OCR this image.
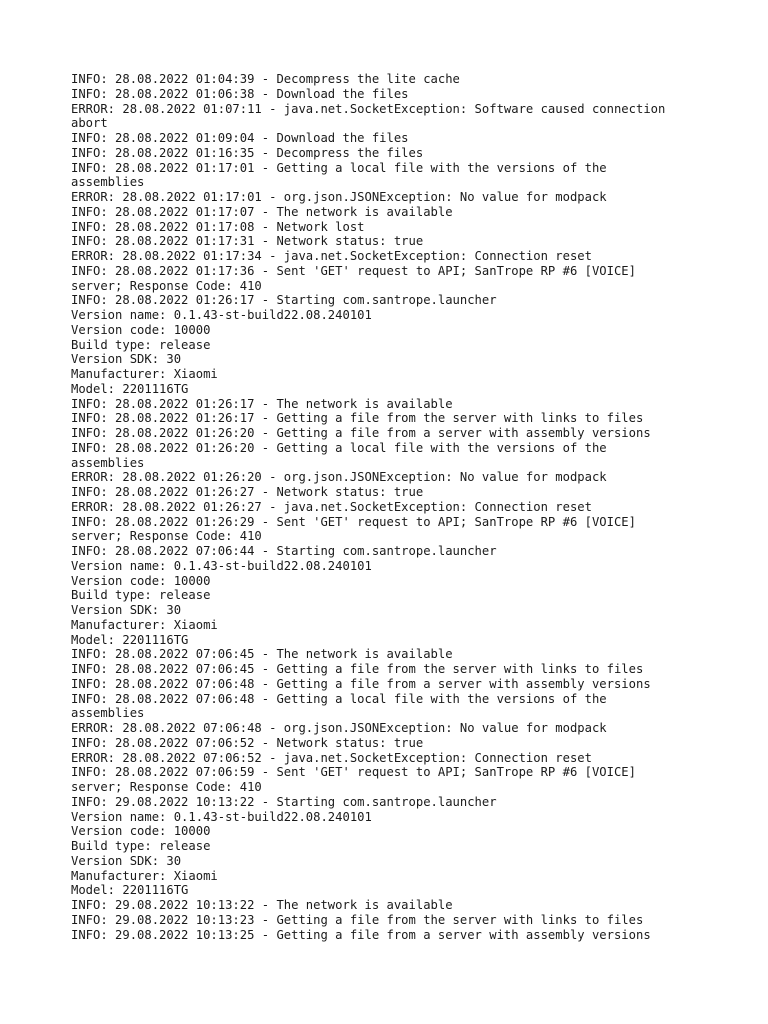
INFO: 28.08.2022 01:04:39 - Decompress the lite cache
INFO: 28.08.2022 01:06:38 - Download the files
ERROR: 28.08.2022 01:07:11 - java.net.SocketException: Software caused connection
abort
INFO: 28.08.2022 01:09:04 - Download the files
INFO: 28.08.2022 01:16:35 - Decompress the files
INFO: 28.08.2022 01:17:01 - Getting a local file with the versions of the
assemblies
ERROR: 28.08.2022 01:17:01 - org.json.JSONException: No value for modpack
INFO: 28.08.2022 01:17:07 - The network is available
INFO: 28.08.2022 01:17:08 - Network lost
INFO: 28.08.2022 01:17:31 - Network status: true
ERROR: 28.08.2022 01:17:34 - java.net.SocketException: Connection reset
INFO: 28.08.2022 01:17:36 - Sent 'GET' request to API; SanTrope RP #6 [VOICE]
server; Response Code: 410
INFO: 28.08.2022 01:26:17 - Starting com.santrope.launcher
Version name: 0.1.43-st-build22.08.240101
Version code: 10000
Build type: release
Version SDK: 30
Manufacturer: Xiaomi
Model: 2201116TG
INFO: 28.08.2022 01:26:17 - The network is available
INFO: 28.08.2022 01:26:17 - Getting a file from the server with links to files
INFO: 28.08.2022 01:26:20 - Getting a file from a server with assembly versions
INFO: 28.08.2022 01:26:20 - Getting a local file with the versions of the
assemblies
ERROR: 28.08.2022 01:26:20 - org.json.JSONException: No value for modpack
INFO: 28.08.2022 01:26:27 - Network status: true
ERROR: 28.08.2022 01:26:27 - java.net.SocketException: Connection reset
INFO: 28.08.2022 01:26:29 - Sent 'GET' request to API; SanTrope RP #6 [VOICE]
server; Response Code: 410
INFO: 28.08.2022 07:06:44 - Starting com.santrope.launcher
Version name: 0.1.43-st-build22.08.240101
Version code: 10000
Build type: release
Version SDK: 30
Manufacturer: Xiaomi
Model: 2201116TG
INFO: 28.08.2022 07:06:45 - The network is available
INFO: 28.08.2022 07:06:45 - Getting a file from the server with links to files
INFO: 28.08.2022 07:06:48 - Getting a file from a server with assembly versions
INFO: 28.08.2022 07:06:48 - Getting a local file with the versions of the
assemblies
ERROR: 28.08.2022 07:06:48 - org.json.JSONException: No value for modpack
INFO: 28.08.2022 07:06:52 - Network status: true
ERROR: 28.08.2022 07:06:52 - java.net.SocketException: Connection reset
INFO: 28.08.2022 07:06:59 - Sent 'GET' request to API; SanTrope RP #6 [VOICE]
server; Response Code: 410
INFO: 29.08.2022 10:13:22 - Starting com.santrope.launcher
Version name: 0.1.43-st-build22.08.240101
Version code: 10000
Build type: release
Version SDK: 30
Manufacturer: Xiaomi
Model: 2201116TG
INFO: 29.08.2022 10:13:22 - The network is available
INFO: 29.08.2022 10:13:23 - Getting a file from the server with links to files
INFO: 29.08.2022 10:13:25 - Getting a file from a server with assembly versions
